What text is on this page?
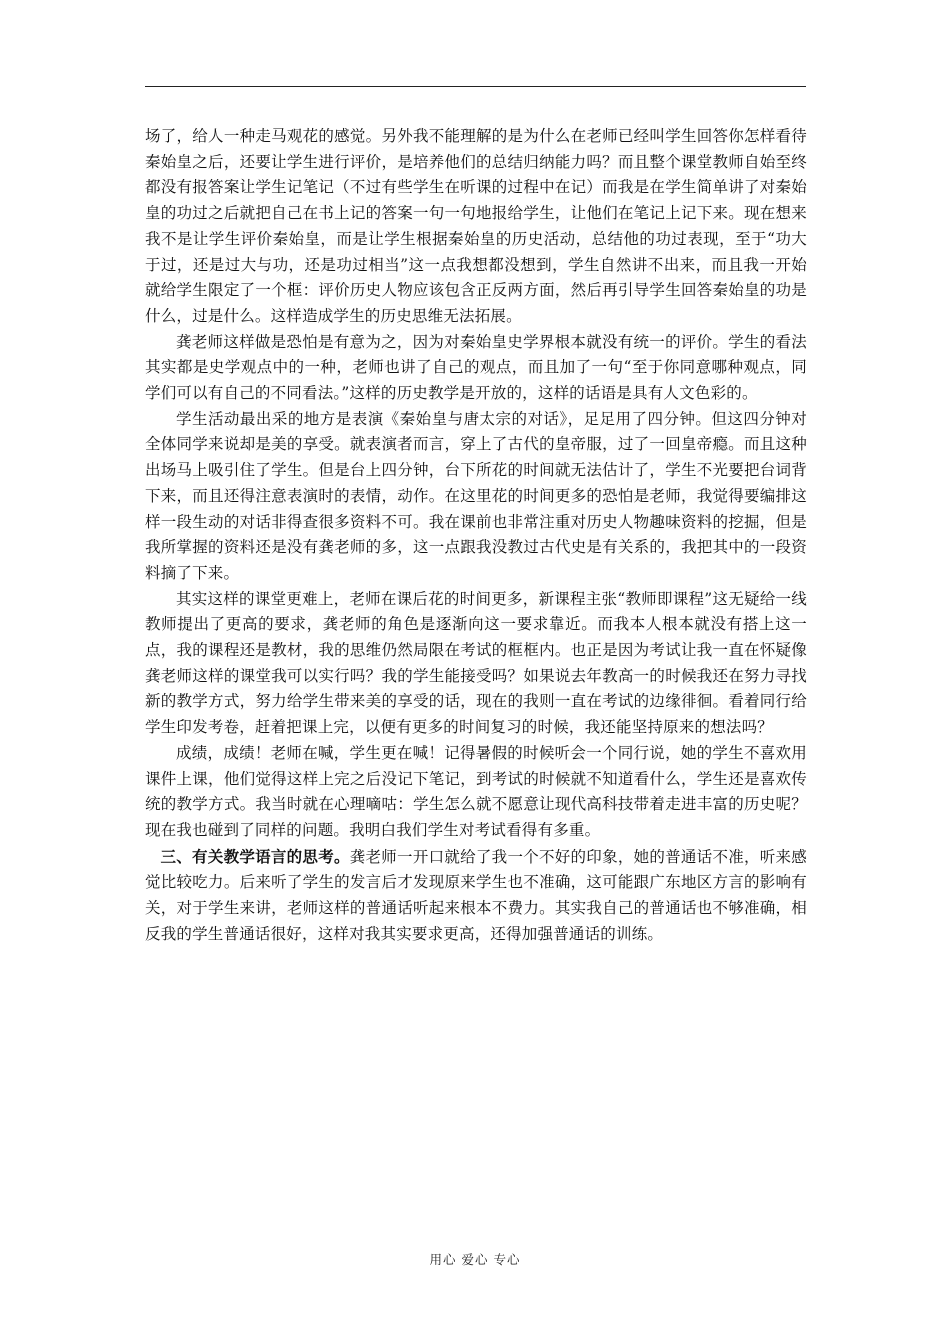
场了，给人一种走马观花的感觉。另外我不能理解的是为什么在老师已经叫学生回答你怎样看待秦始皇之后，还要让学生进行评价，是培养他们的总结归纳能力吗？而且整个课堂教师自始至终都没有报答案让学生记笔记（不过有些学生在听课的过程中在记）而我是在学生简单讲了对秦始皇的功过之后就把自己在书上记的答案一句一句地报给学生，让他们在笔记上记下来。现在想来我不是让学生评价秦始皇，而是让学生根据秦始皇的历史活动，总结他的功过表现，至于“功大于过，还是过大与功，还是功过相当”这一点我想都没想到，学生自然讲不出来，而且我一开始就给学生限定了一个框：评价历史人物应该包含正反两方面，然后再引导学生回答秦始皇的功是什么，过是什么。这样造成学生的历史思维无法拓展。

龚老师这样做是恐怕是有意为之，因为对秦始皇史学界根本就没有统一的评价。学生的看法其实都是史学观点中的一种，老师也讲了自己的观点，而且加了一句“至于你同意哪种观点，同学们可以有自己的不同看法。”这样的历史教学是开放的，这样的话语是具有人文色彩的。

学生活动最出采的地方是表演《秦始皇与唐太宗的对话》，足足用了四分钟。但这四分钟对全体同学来说却是美的享受。就表演者而言，穿上了古代的皇帝服，过了一回皇帝瘾。而且这种出场马上吸引住了学生。但是台上四分钟，台下所花的时间就无法估计了，学生不光要把台词背下来，而且还得注意表演时的表情，动作。在这里花的时间更多的恐怕是老师，我觉得要编排这样一段生动的对话非得查很多资料不可。我在课前也非常注重对历史人物趣味资料的挖掘，但是我所掌握的资料还是没有龚老师的多，这一点跟我没教过古代史是有关系的，我把其中的一段资料摘了下来。

其实这样的课堂更难上，老师在课后花的时间更多，新课程主张“教师即课程”这无疑给一线教师提出了更高的要求，龚老师的角色是逐渐向这一要求靠近。而我本人根本就没有搭上这一点，我的课程还是教材，我的思维仍然局限在考试的框框内。也正是因为考试让我一直在怀疑像龚老师这样的课堂我可以实行吗？我的学生能接受吗？如果说去年教高一的时候我还在努力寻找新的教学方式，努力给学生带来美的享受的话，现在的我则一直在考试的边缘徘徊。看着同行给学生印发考卷，赶着把课上完，以便有更多的时间复习的时候，我还能坚持原来的想法吗？

成绩，成绩！老师在喊，学生更在喊！记得暑假的时候听会一个同行说，她的学生不喜欢用课件上课，他们觉得这样上完之后没记下笔记，到考试的时候就不知道看什么，学生还是喜欢传统的教学方式。我当时就在心理嘀咕：学生怎么就不愿意让现代高科技带着走进丰富的历史呢？现在我也碰到了同样的问题。我明白我们学生对考试看得有多重。

三、有关教学语言的思考。龚老师一开口就给了我一个不好的印象，她的普通话不准，听来感觉比较吃力。后来听了学生的发言后才发现原来学生也不准确，这可能跟广东地区方言的影响有关，对于学生来讲，老师这样的普通话听起来根本不费力。其实我自己的普通话也不够准确，相反我的学生普通话很好，这样对我其实要求更高，还得加强普通话的训练。

用心 爱心 专心
